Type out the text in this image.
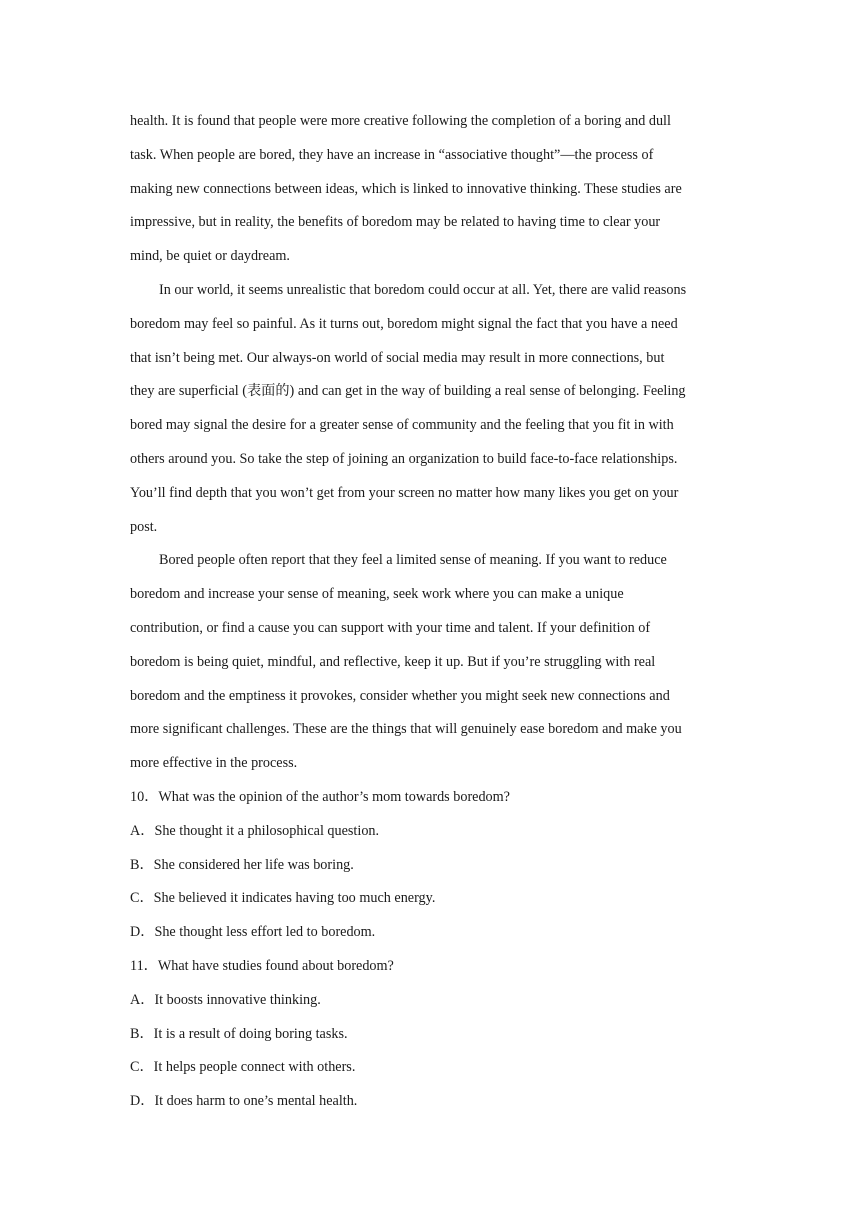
health. It is found that people were more creative following the completion of a boring and dull

task. When people are bored, they have an increase in “associative thought”—the process of

making new connections between ideas, which is linked to innovative thinking. These studies are

impressive, but in reality, the benefits of boredom may be related to having time to clear your

mind, be quiet or daydream.

In our world, it seems unrealistic that boredom could occur at all. Yet, there are valid reasons

boredom may feel so painful. As it turns out, boredom might signal the fact that you have a need

that isn’t being met. Our always-on world of social media may result in more connections, but

they are superficial (表面的) and can get in the way of building a real sense of belonging. Feeling

bored may signal the desire for a greater sense of community and the feeling that you fit in with

others around you. So take the step of joining an organization to build face-to-face relationships.

You’ll find depth that you won’t get from your screen no matter how many likes you get on your

post.

Bored people often report that they feel a limited sense of meaning. If you want to reduce

boredom and increase your sense of meaning, seek work where you can make a unique

contribution, or find a cause you can support with your time and talent. If your definition of

boredom is being quiet, mindful, and reflective, keep it up. But if you’re struggling with real

boredom and the emptiness it provokes, consider whether you might seek new connections and

more significant challenges. These are the things that will genuinely ease boredom and make you

more effective in the process.

10．What was the opinion of the author’s mom towards boredom?

A．She thought it a philosophical question.

B．She considered her life was boring.

C．She believed it indicates having too much energy.

D．She thought less effort led to boredom.

11．What have studies found about boredom?

A．It boosts innovative thinking.

B．It is a result of doing boring tasks.

C．It helps people connect with others.

D．It does harm to one’s mental health.
